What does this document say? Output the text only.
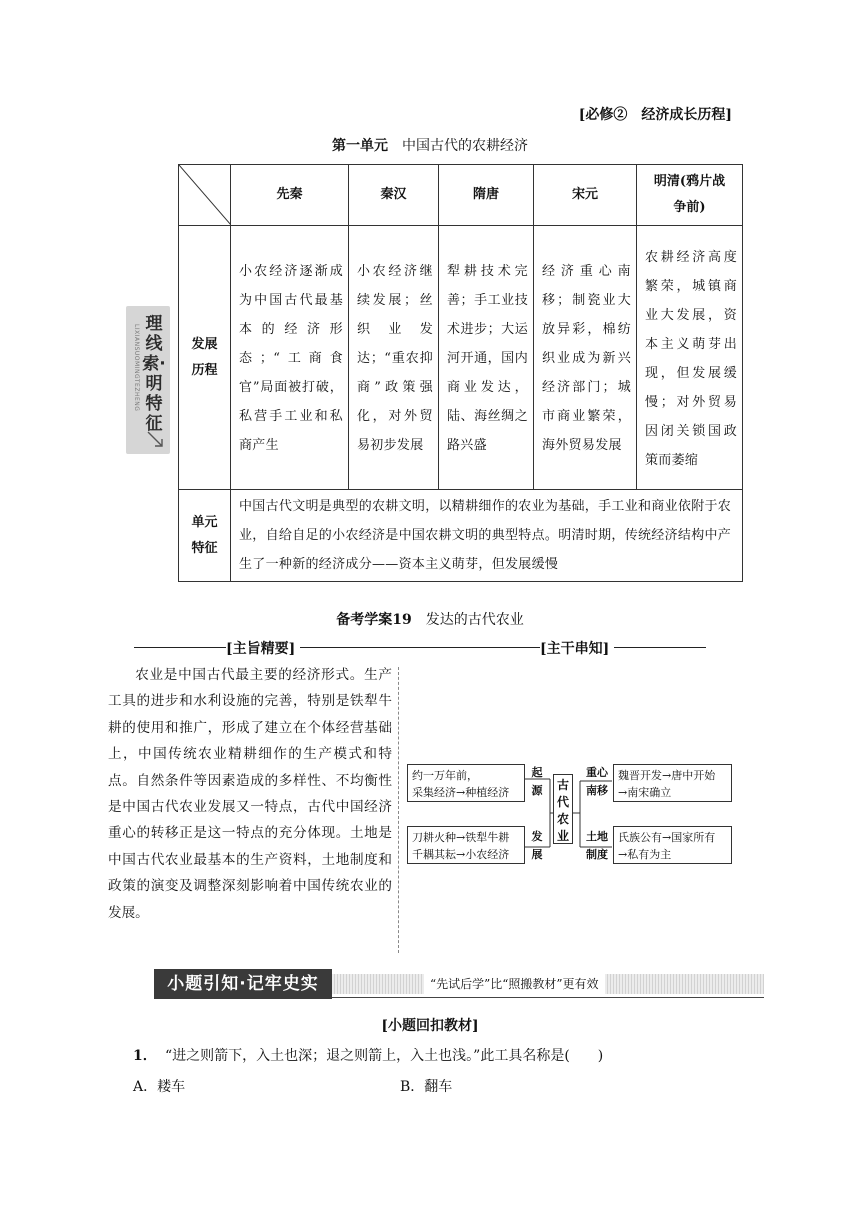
[必修②　经济成长历程]
第一单元 中国古代的农耕经济
LIXIANSUOMINGTEZHENG 理
线索·明
特征
	先秦	秦汉	隋唐	宋元	明清(鸦片战
争前)
发展
历程	小农经济逐渐成为中国古代最基本的经济形态；“工商食官”局面被打破，私营手工业和私商产生	小农经济继续发展；丝织业发达；“重农抑商”政策强化，对外贸易初步发展	犁耕技术完善；手工业技术进步；大运河开通，国内商业发达，陆、海丝绸之路兴盛	经济重心南移；制瓷业大放异彩，棉纺织业成为新兴经济部门；城市商业繁荣，海外贸易发展	农耕经济高度繁荣，城镇商业大发展，资本主义萌芽出现，但发展缓慢；对外贸易因闭关锁国政策而萎缩

单元
特征	中国古代文明是典型的农耕文明，以精耕细作的农业为基础，手工业和商业依附于农业，自给自足的小农经济是中国农耕文明的典型特点。明清时期，传统经济结构中产生了一种新的经济成分——资本主义萌芽，但发展缓慢				
备考学案19 发达的古代农业
[主旨精要]	[主干串知]
农业是中国古代最主要的经济形式。生产工具的进步和水利设施的完善，特别是铁犁牛耕的使用和推广，形成了建立在个体经营基础上，中国传统农业精耕细作的生产模式和特点。自然条件等因素造成的多样性、不均衡性是中国古代农业发展又一特点，古代中国经济重心的转移正是这一特点的充分体现。土地是中国古代农业最基本的生产资料，土地制度和政策的演变及调整深刻影响着中国传统农业的发展。
约一万年前，
采集经济→种植经济
起
源
刀耕火种→铁犁牛耕
千耦其耘→小农经济
发
展
古
代
农
业
重心
南移
魏晋开发→唐中开始
→南宋确立
土地
制度
氏族公有→国家所有
→私有为主
小题引知·记牢史实	“先试后学”比“照搬教材”更有效
[小题回扣教材]
1． “进之则箭下，入土也深；退之则箭上，入土也浅。”此工具名称是(　　)
A．耧车	B．翻车
